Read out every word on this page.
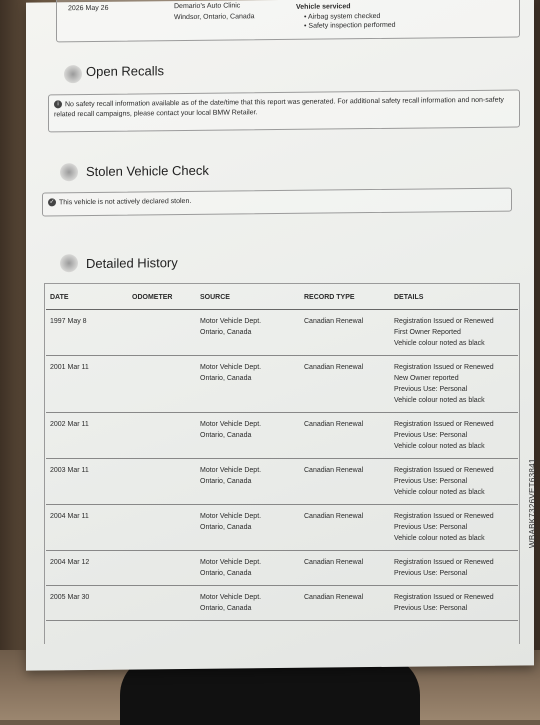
2026 May 26	Demario's Auto Clinic
Windsor, Ontario, Canada
Vehicle serviced
• Airbag system checked
• Safety inspection performed
Open Recalls
i No safety recall information available as of the date/time that this report was generated. For additional safety recall information and non-safety related recall campaigns, please contact your local BMW Retailer.
Stolen Vehicle Check
✓ This vehicle is not actively declared stolen.
Detailed History
DATE	ODOMETER	SOURCE	RECORD TYPE	DETAILS
1997 May 8		Motor Vehicle Dept.
Ontario, Canada	Canadian Renewal	Registration Issued or Renewed
First Owner Reported
Vehicle colour noted as black
2001 Mar 11		Motor Vehicle Dept.
Ontario, Canada	Canadian Renewal	Registration Issued or Renewed
New Owner reported
Previous Use: Personal
Vehicle colour noted as black
2002 Mar 11		Motor Vehicle Dept.
Ontario, Canada	Canadian Renewal	Registration Issued or Renewed
Previous Use: Personal
Vehicle colour noted as black
2003 Mar 11		Motor Vehicle Dept.
Ontario, Canada	Canadian Renewal	Registration Issued or Renewed
Previous Use: Personal
Vehicle colour noted as black
2004 Mar 11		Motor Vehicle Dept.
Ontario, Canada	Canadian Renewal	Registration Issued or Renewed
Previous Use: Personal
Vehicle colour noted as black
2004 Mar 12		Motor Vehicle Dept.
Ontario, Canada	Canadian Renewal	Registration Issued or Renewed
Previous Use: Personal
2005 Mar 30		Motor Vehicle Dept.
Ontario, Canada	Canadian Renewal	Registration Issued or Renewed
Previous Use: Personal
WBABK7326VET63841
